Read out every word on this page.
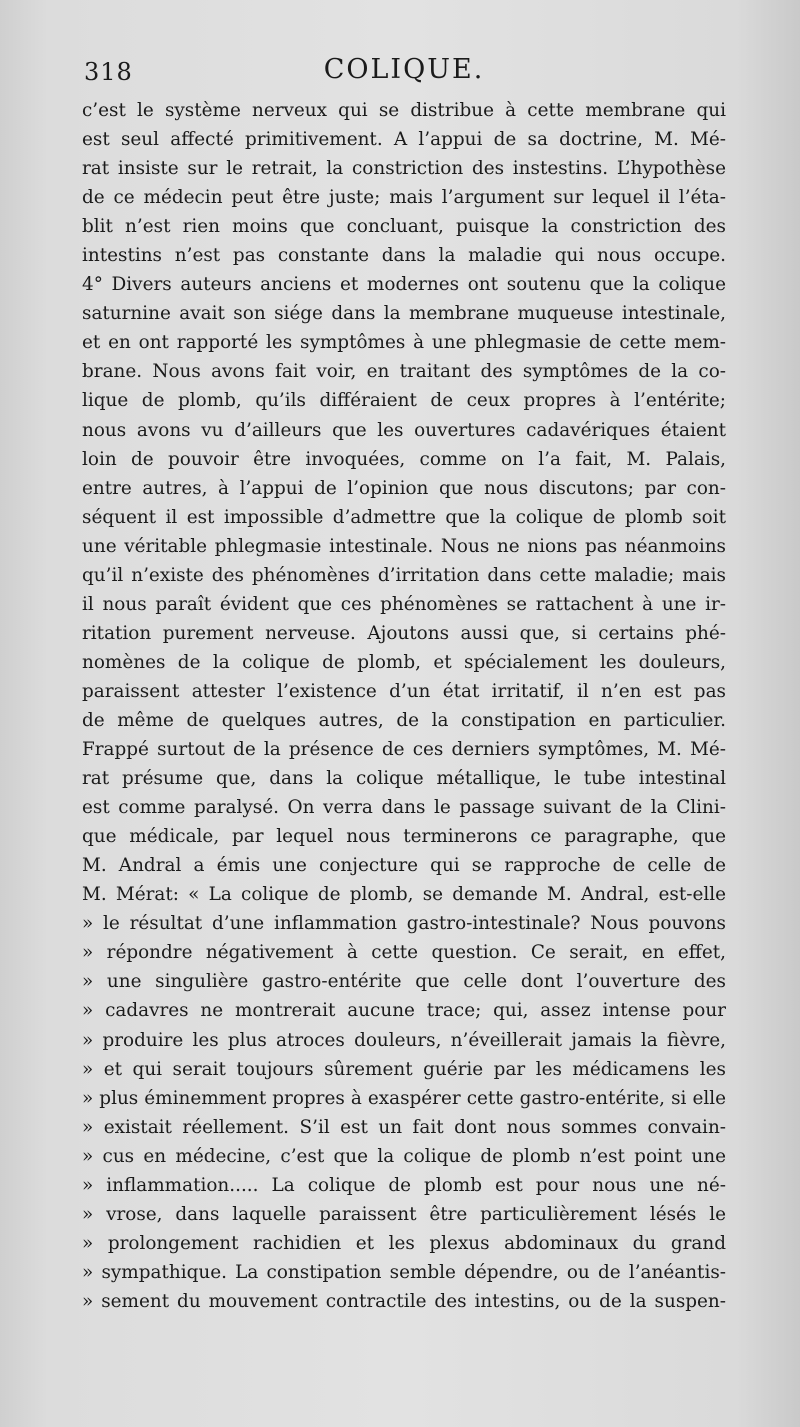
318	COLIQUE.
c’est le système nerveux qui se distribue à cette membrane qui
est seul affecté primitivement. A l’appui de sa doctrine, M. Mé-
rat insiste sur le retrait, la constriction des instestins. L’hypothèse
de ce médecin peut être juste; mais l’argument sur lequel il l’éta-
blit n’est rien moins que concluant, puisque la constriction des
intestins n’est pas constante dans la maladie qui nous occupe.
4° Divers auteurs anciens et modernes ont soutenu que la colique
saturnine avait son siége dans la membrane muqueuse intestinale,
et en ont rapporté les symptômes à une phlegmasie de cette mem-
brane. Nous avons fait voir, en traitant des symptômes de la co-
lique de plomb, qu’ils différaient de ceux propres à l’entérite;
nous avons vu d’ailleurs que les ouvertures cadavériques étaient
loin de pouvoir être invoquées, comme on l’a fait, M. Palais,
entre autres, à l’appui de l’opinion que nous discutons; par con-
séquent il est impossible d’admettre que la colique de plomb soit
une véritable phlegmasie intestinale. Nous ne nions pas néanmoins
qu’il n’existe des phénomènes d’irritation dans cette maladie; mais
il nous paraît évident que ces phénomènes se rattachent à une ir-
ritation purement nerveuse. Ajoutons aussi que, si certains phé-
nomènes de la colique de plomb, et spécialement les douleurs,
paraissent attester l’existence d’un état irritatif, il n’en est pas
de même de quelques autres, de la constipation en particulier.
Frappé surtout de la présence de ces derniers symptômes, M. Mé-
rat présume que, dans la colique métallique, le tube intestinal
est comme paralysé. On verra dans le passage suivant de la Clini-
que médicale, par lequel nous terminerons ce paragraphe, que
M. Andral a émis une conjecture qui se rapproche de celle de
M. Mérat: « La colique de plomb, se demande M. Andral, est-elle
» le résultat d’une inflammation gastro-intestinale? Nous pouvons
» répondre négativement à cette question. Ce serait, en effet,
» une singulière gastro-entérite que celle dont l’ouverture des
» cadavres ne montrerait aucune trace; qui, assez intense pour
» produire les plus atroces douleurs, n’éveillerait jamais la fièvre,
» et qui serait toujours sûrement guérie par les médicamens les
» plus éminemment propres à exaspérer cette gastro-entérite, si elle
» existait réellement. S’il est un fait dont nous sommes convain-
» cus en médecine, c’est que la colique de plomb n’est point une
» inflammation..... La colique de plomb est pour nous une né-
» vrose, dans laquelle paraissent être particulièrement lésés le
» prolongement rachidien et les plexus abdominaux du grand
» sympathique. La constipation semble dépendre, ou de l’anéantis-
» sement du mouvement contractile des intestins, ou de la suspen-
